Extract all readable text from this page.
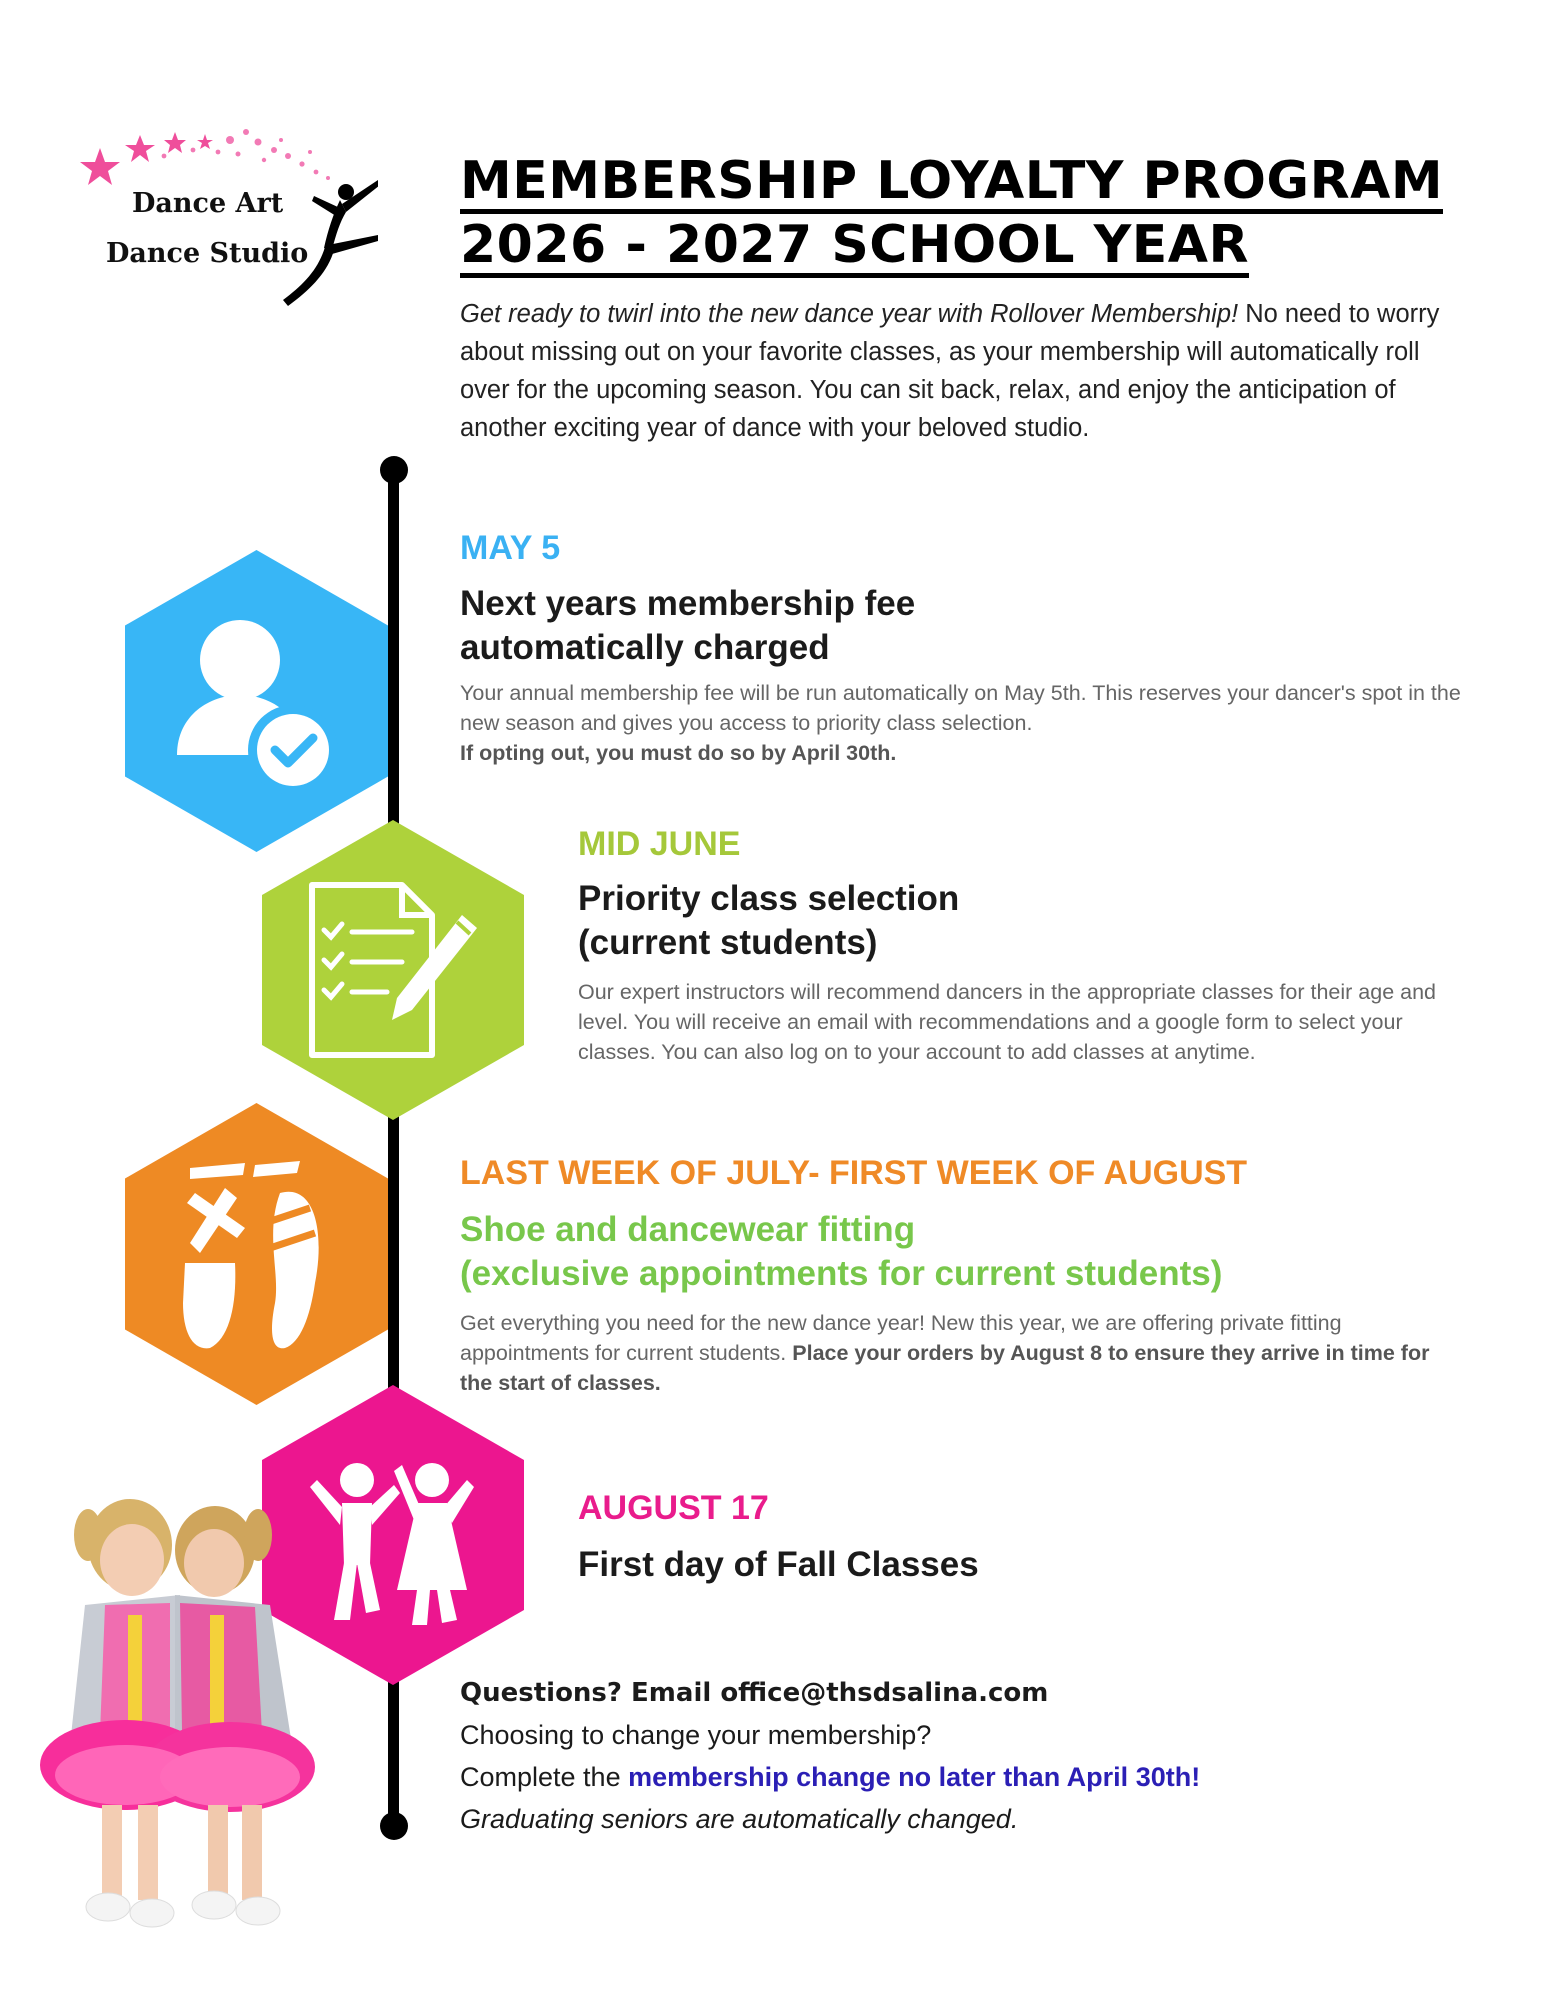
Dance Art
Dance Studio
MEMBERSHIP LOYALTY PROGRAM
2026 - 2027 SCHOOL YEAR
Get ready to twirl into the new dance year with Rollover Membership! No need to worry about missing out on your favorite classes, as your membership will automatically roll over for the upcoming season. You can sit back, relax, and enjoy the anticipation of another exciting year of dance with your beloved studio.
MAY 5
Next years membership fee
automatically charged
Your annual membership fee will be run automatically on May 5th. This reserves your dancer's spot in the new season and gives you access to priority class selection.
If opting out, you must do so by April 30th.
MID JUNE
Priority class selection
(current students)
Our expert instructors will recommend dancers in the appropriate classes for their age and level. You will receive an email with recommendations and a google form to select your classes. You can also log on to your account to add classes at anytime.
LAST WEEK OF JULY- FIRST WEEK OF AUGUST
Shoe and dancewear fitting
(exclusive appointments for current students)
Get everything you need for the new dance year! New this year, we are offering private fitting appointments for current students. Place your orders by August 8 to ensure they arrive in time for the start of classes.
AUGUST 17
First day of Fall Classes
Questions? Email office@thsdsalina.com
Choosing to change your membership?
Complete the membership change no later than April 30th!
Graduating seniors are automatically changed.
